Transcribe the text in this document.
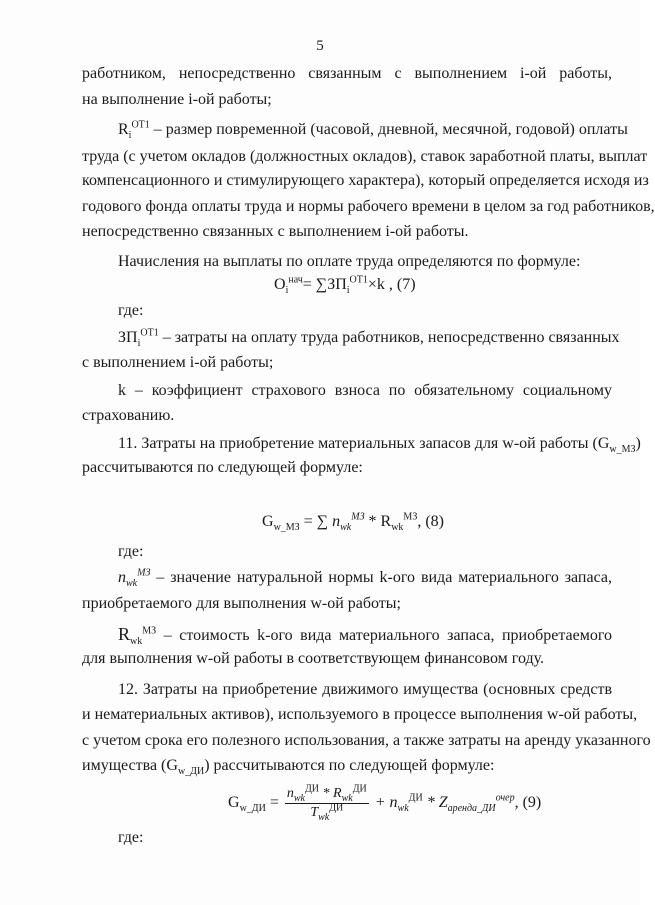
5
работником, непосредственно связанным с выполнением i-ой работы,
на выполнение i-ой работы;
$R_i^{ОТ1}$ – размер повременной (часовой, дневной, месячной, годовой) оплаты
труда (с учетом окладов (должностных окладов), ставок заработной платы, выплат
компенсационного и стимулирующего характера), который определяется исходя из
годового фонда оплаты труда и нормы рабочего времени в целом за год работников,
непосредственно связанных с выполнением i-ой работы.
Начисления на выплаты по оплате труда определяются по формуле:
$O_i^{нач}= \sum ЗП_i^{ОТ1}\times k$ , (7)
где:
$ЗП_i^{ОТ1}$ – затраты на оплату труда работников, непосредственно связанных
с выполнением i-ой работы;
k – коэффициент страхового взноса по обязательному социальному
страхованию.
11. Затраты на приобретение материальных запасов для w-ой работы $(G_{w\_МЗ})$
рассчитываются по следующей формуле:
$G_{w\_МЗ}$ = ∑ $n_{wk}^{МЗ} * R_{wk}^{МЗ}$, (8)
где:
$n_{wk}^{МЗ}$ – значение натуральной нормы k-ого вида материального запаса,
приобретаемого для выполнения w-ой работы;
$R_{wk}^{МЗ}$ – стоимость k-ого вида материального запаса, приобретаемого
для выполнения w-ой работы в соответствующем финансовом году.
12. Затраты на приобретение движимого имущества (основных средств
и нематериальных активов), используемого в процессе выполнения w-ой работы,
с учетом срока его полезного использования, а также затраты на аренду указанного
имущества $(G_{w\_ДИ})$ рассчитываются по следующей формуле:
$G_{w\_ДИ} = \frac{n_{wk}^{ДИ} * R_{wk}^{ДИ}}{T_{wk}^{ДИ}} + n_{wk}^{ДИ} * Z_{аренда\_ДИ}^{очер}$, (9)
где:
